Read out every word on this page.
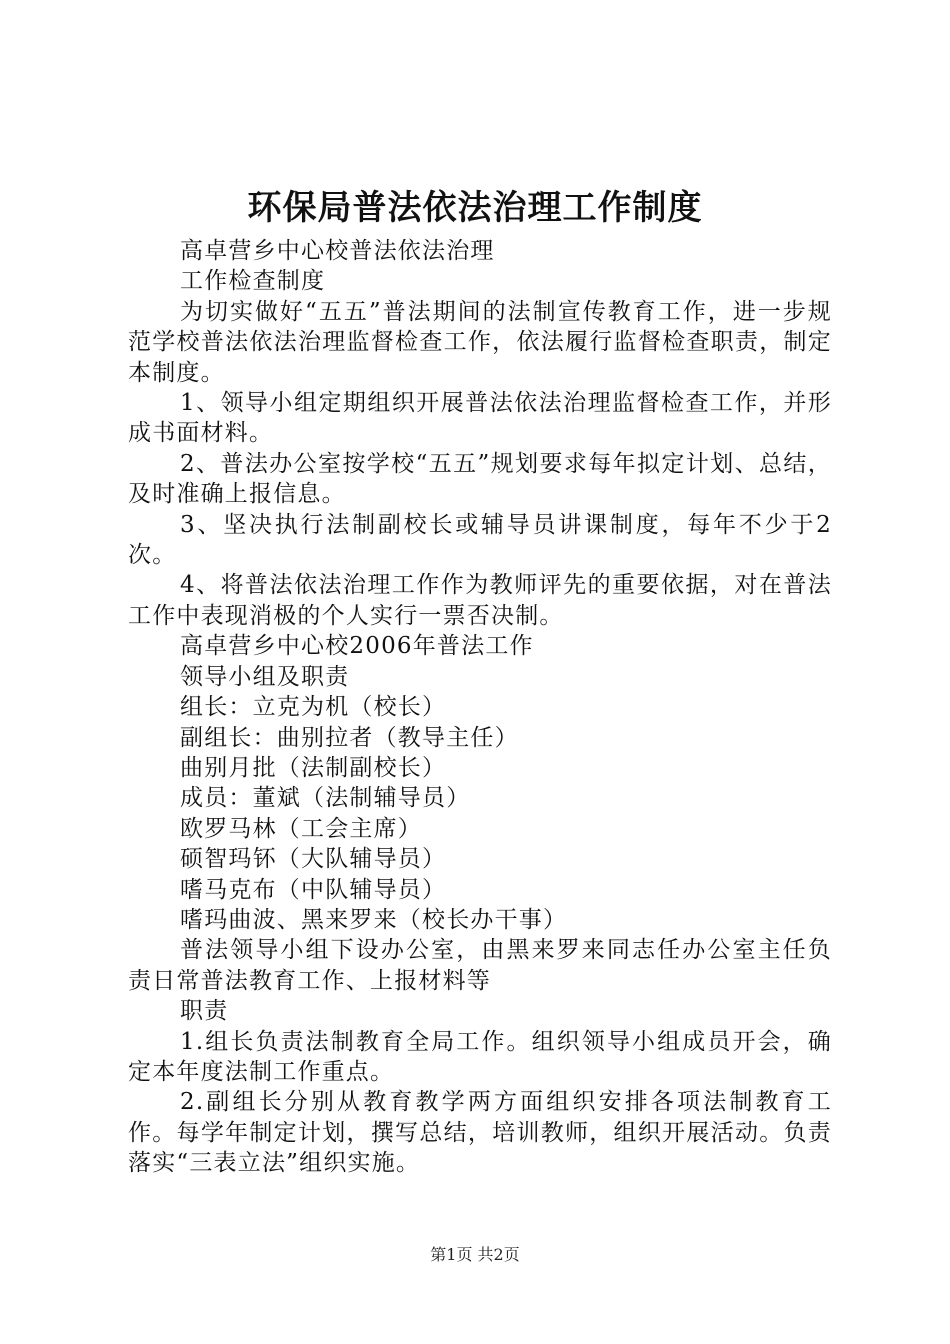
环保局普法依法治理工作制度

高卓营乡中心校普法依法治理

工作检查制度

为切实做好“五五”普法期间的法制宣传教育工作，进一步规范学校普法依法治理监督检查工作，依法履行监督检查职责，制定本制度。

1、领导小组定期组织开展普法依法治理监督检查工作，并形成书面材料。

2、普法办公室按学校“五五”规划要求每年拟定计划、总结，及时准确上报信息。

3、坚决执行法制副校长或辅导员讲课制度，每年不少于2次。

4、将普法依法治理工作作为教师评先的重要依据，对在普法工作中表现消极的个人实行一票否决制。

高卓营乡中心校2006年普法工作

领导小组及职责

组长：立克为机（校长）

副组长：曲别拉者（教导主任）

曲别月批（法制副校长）

成员：董斌（法制辅导员）

欧罗马林（工会主席）

硕智玛钚（大队辅导员）

嗜马克布（中队辅导员）

嗜玛曲波、黑来罗来（校长办干事）

普法领导小组下设办公室，由黑来罗来同志任办公室主任负责日常普法教育工作、上报材料等

职责

1.组长负责法制教育全局工作。组织领导小组成员开会，确定本年度法制工作重点。

2.副组长分别从教育教学两方面组织安排各项法制教育工作。每学年制定计划，撰写总结，培训教师，组织开展活动。负责落实“三表立法”组织实施。

第1页 共2页
